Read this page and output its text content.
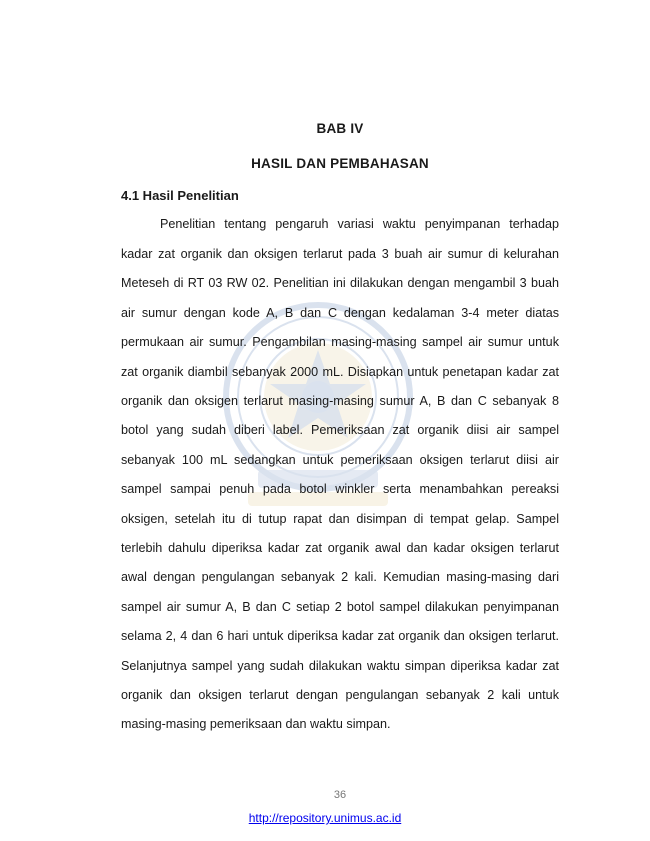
BAB IV
HASIL DAN PEMBAHASAN
4.1 Hasil Penelitian
Penelitian tentang pengaruh variasi waktu penyimpanan terhadap
kadar zat organik dan oksigen terlarut pada 3 buah air sumur di kelurahan
Meteseh di RT 03 RW 02. Penelitian ini dilakukan dengan mengambil 3 buah
air sumur dengan kode A, B dan C dengan kedalaman 3-4 meter diatas
permukaan air sumur. Pengambilan masing-masing sampel air sumur untuk
zat organik diambil sebanyak 2000 mL. Disiapkan untuk penetapan kadar zat
organik dan oksigen terlarut masing-masing sumur A, B dan C sebanyak 8
botol yang sudah diberi label. Pemeriksaan zat organik diisi air sampel
sebanyak 100 mL sedangkan untuk pemeriksaan oksigen terlarut diisi air
sampel sampai penuh pada botol winkler serta menambahkan pereaksi
oksigen, setelah itu di tutup rapat dan disimpan di tempat gelap. Sampel
terlebih dahulu diperiksa kadar zat organik awal dan kadar oksigen terlarut
awal dengan pengulangan sebanyak 2 kali. Kemudian masing-masing dari
sampel air sumur A, B dan C setiap 2 botol sampel dilakukan penyimpanan
selama 2, 4 dan 6 hari untuk diperiksa kadar zat organik dan oksigen terlarut.
Selanjutnya sampel yang sudah dilakukan waktu simpan diperiksa kadar zat
organik dan oksigen terlarut dengan pengulangan sebanyak 2 kali untuk
masing-masing pemeriksaan dan waktu simpan.
36
http://repository.unimus.ac.id
